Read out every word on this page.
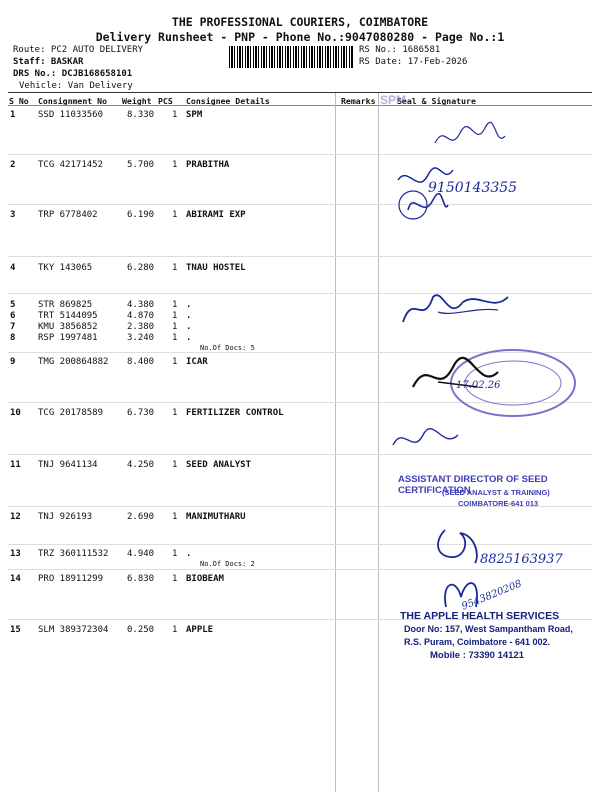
THE PROFESSIONAL COURIERS, COIMBATORE
Delivery Runsheet - PNP - Phone No.:9047080280 - Page No.:1
Route: PC2 AUTO DELIVERY
Staff: BASKAR
DRS No.: DCJB168658101
Vehicle: Van Delivery
RS No.: 1686581
RS Date: 17-Feb-2026
S No Consignment No Weight PCS Consignee Details	Remarks	Seal & Signature
1	SSD 11033560	8.330 1 SPM
2	TCG 42171452	5.700 1 PRABITHA
3	TRP 6778402	6.190 1 ABIRAMI EXP
4	TKY 143065	6.280 1 TNAU HOSTEL
5	STR 869825	4.380 1 .
6	TRT 5144095	4.870 1 .
7	KMU 3856852	2.380 1 .
8	RSP 1997481	3.240 1 .
No.Of Docs: 5
9	TMG 200864882 8.400 1 ICAR
10 TCG 20178589	6.730 1 FERTILIZER CONTROL
11 TNJ 9641134	4.250 1 SEED ANALYST
12 TNJ 926193	2.690 1 MANIMUTHARU
13 TRZ 360111532 4.940 1 .
No.Of Docs: 2
14 PRO 18911299	6.830 1 BIOBEAM
15 SLM 389372304 0.250 1 APPLE
SPM
9150143355
17.02.26
ASSISTANT DIRECTOR OF SEED CERTIFICATION
(SEED ANALYST & TRAINING)
COIMBATORE-641 013
8825163937
9543820208
THE APPLE HEALTH SERVICES
Door No: 157, West Sampantham Road,
R.S. Puram, Coimbatore - 641 002.
Mobile : 73390 14121
